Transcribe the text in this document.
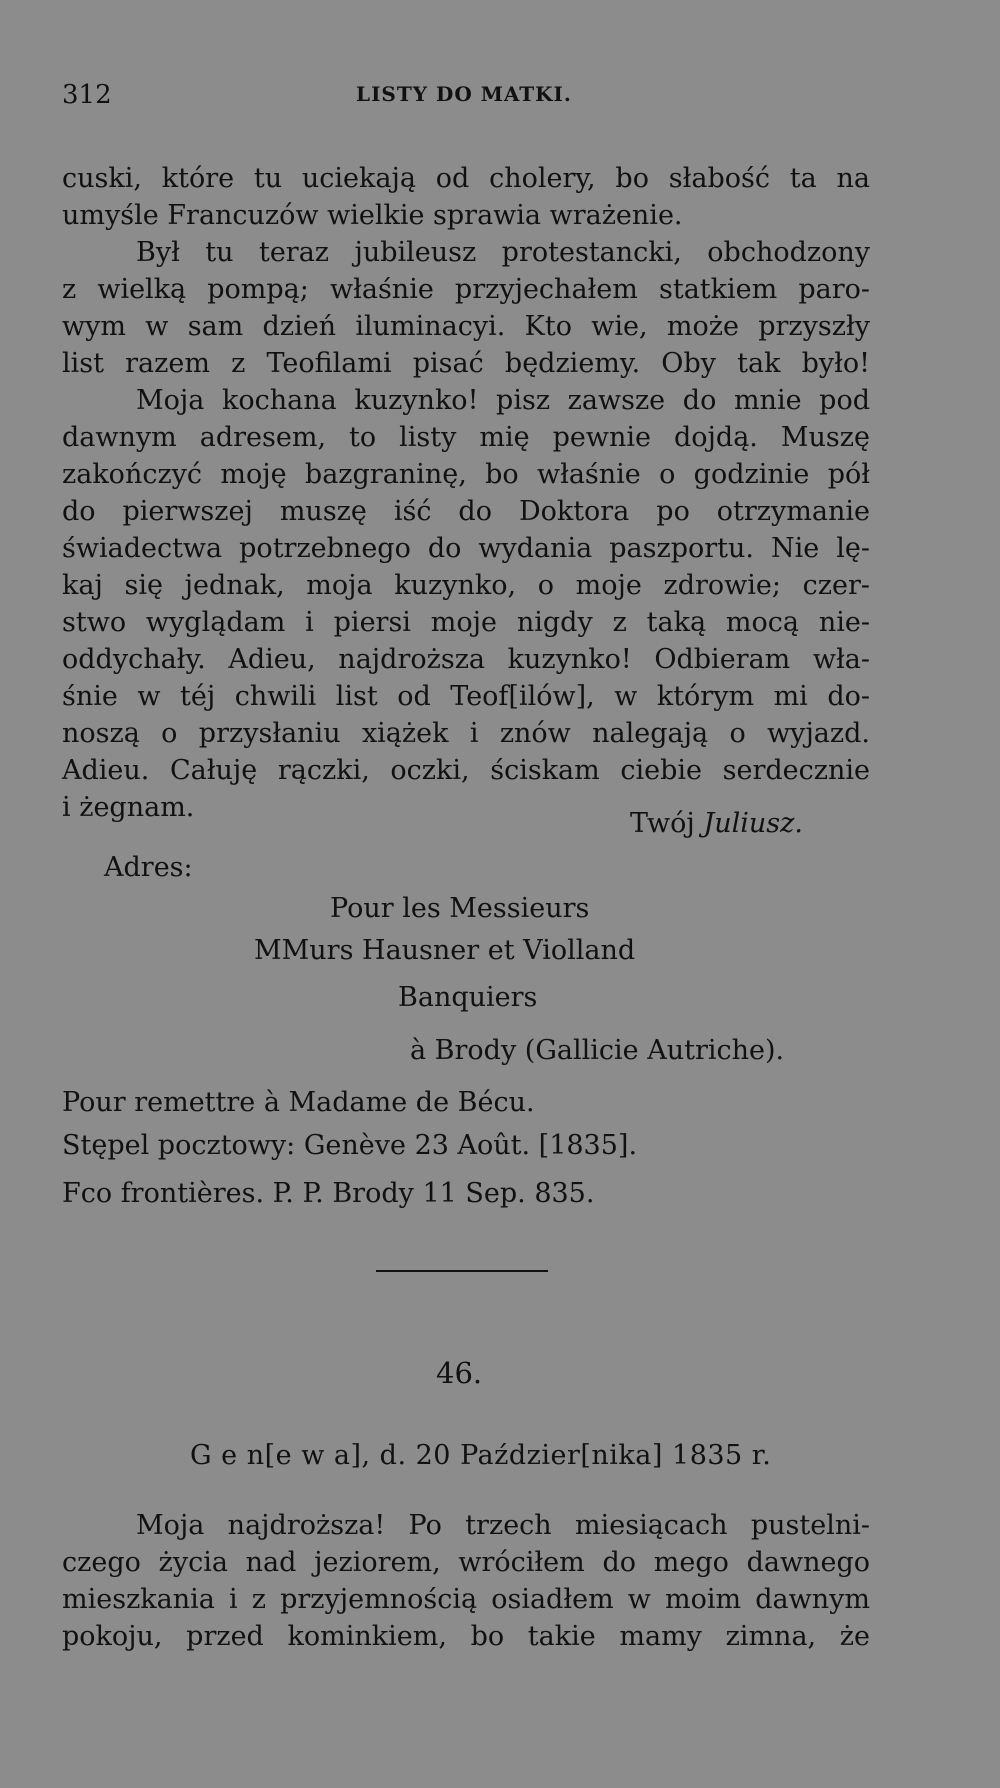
312	LISTY DO MATKI.
cuski, które tu uciekają od cholery, bo słabość ta na
umyśle Francuzów wielkie sprawia wrażenie.
Był tu teraz jubileusz protestancki, obchodzony
z wielką pompą; właśnie przyjechałem statkiem paro-
wym w sam dzień iluminacyi. Kto wie, może przyszły
list razem z Teofilami pisać będziemy. Oby tak było!
Moja kochana kuzynko! pisz zawsze do mnie pod
dawnym adresem, to listy mię pewnie dojdą. Muszę
zakończyć moję bazgraninę, bo właśnie o godzinie pół
do pierwszej muszę iść do Doktora po otrzymanie
świadectwa potrzebnego do wydania paszportu. Nie lę-
kaj się jednak, moja kuzynko, o moje zdrowie; czer-
stwo wyglądam i piersi moje nigdy z taką mocą nie-
oddychały. Adieu, najdroższa kuzynko! Odbieram wła-
śnie w téj chwili list od Teof[ilów], w którym mi do-
noszą o przysłaniu xiążek i znów nalegają o wyjazd.
Adieu. Całuję rączki, oczki, ściskam ciebie serdecznie
i żegnam.
Twój Juliusz.
Adres:
Pour les Messieurs
MMurs Hausner et Violland
Banquiers
à Brody (Gallicie Autriche).
Pour remettre à Madame de Bécu.
Stępel pocztowy: Genève 23 Août. [1835].
Fco frontières. P. P. Brody 11 Sep. 835.
46.
G e n[e w a], d. 20 Paździer[nika] 1835 r.
Moja najdroższa! Po trzech miesiącach pustelni-
czego życia nad jeziorem, wróciłem do mego dawnego
mieszkania i z przyjemnością osiadłem w moim dawnym
pokoju, przed kominkiem, bo takie mamy zimna, że
